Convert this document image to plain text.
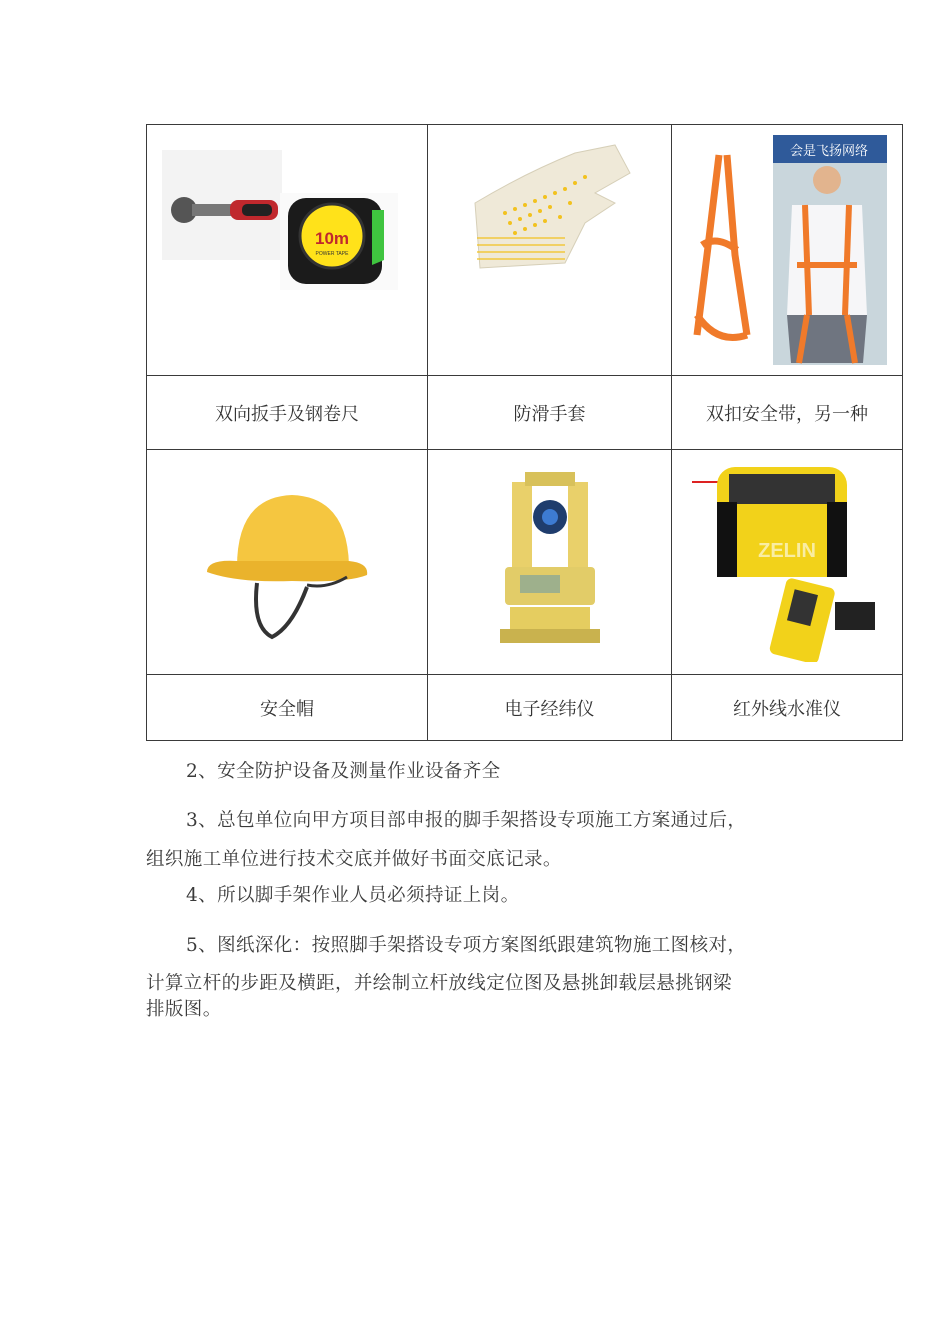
10m
POWER TAPE		会是飞扬网络

双向扳手及钢卷尺	防滑手套	双扣安全带，另一种

ZELIN

安全帽	电子经纬仪	红外线水准仪
2、安全防护设备及测量作业设备齐全
3、总包单位向甲方项目部申报的脚手架搭设专项施工方案通过后，
组织施工单位进行技术交底并做好书面交底记录。
4、所以脚手架作业人员必须持证上岗。
5、图纸深化：按照脚手架搭设专项方案图纸跟建筑物施工图核对，
计算立杆的步距及横距，并绘制立杆放线定位图及悬挑卸载层悬挑钢梁
排版图。
